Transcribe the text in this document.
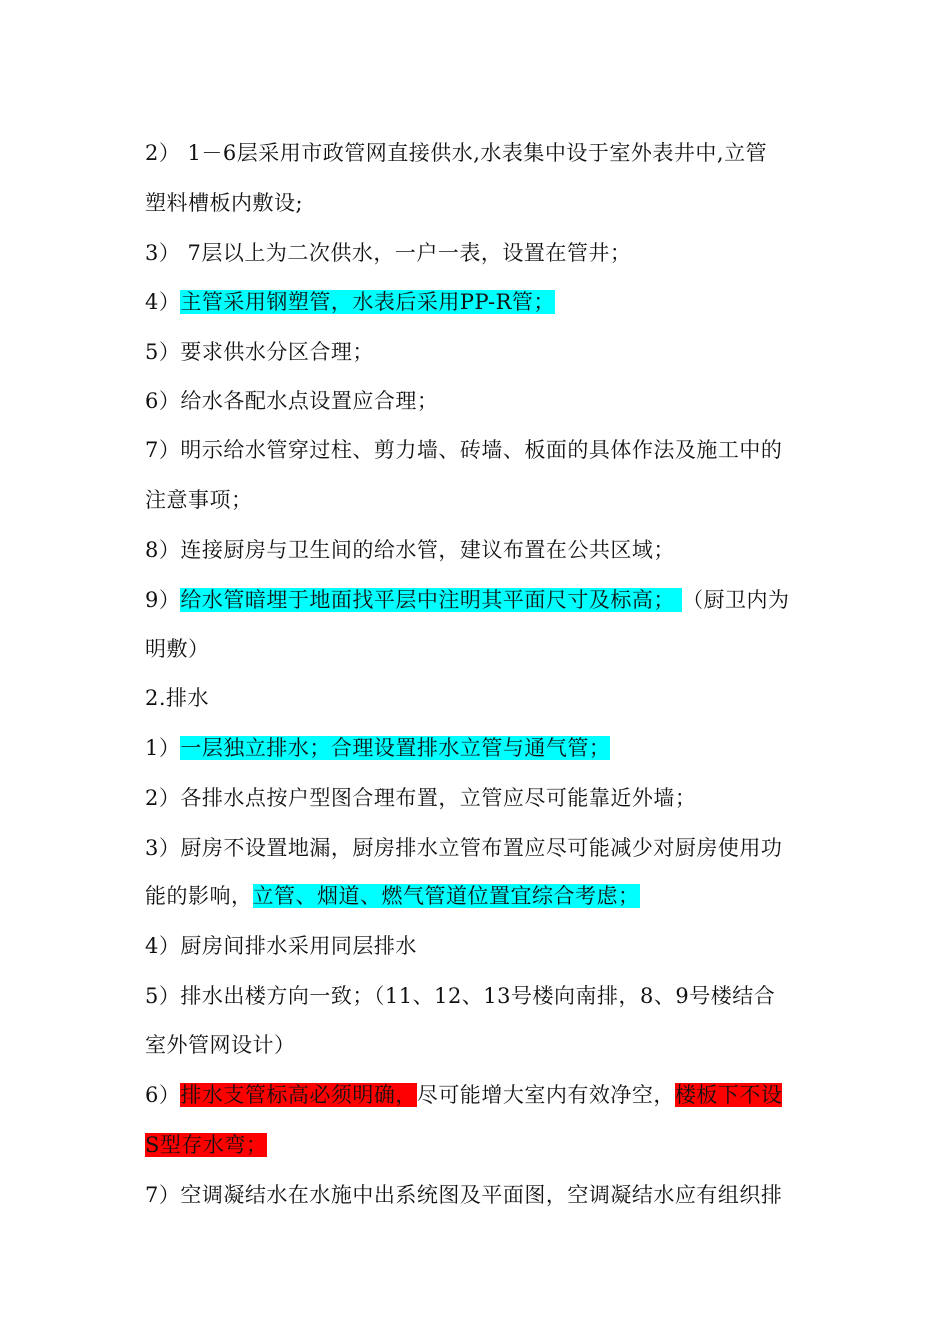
2） 1－6层采用市政管网直接供水,水表集中设于室外表井中,立管
塑料槽板内敷设;
3） 7层以上为二次供水，一户一表，设置在管井；
4）主管采用钢塑管，水表后采用PP-R管；
5）要求供水分区合理；
6）给水各配水点设置应合理；
7）明示给水管穿过柱、剪力墙、砖墙、板面的具体作法及施工中的
注意事项；
8）连接厨房与卫生间的给水管，建议布置在公共区域；
9）给水管暗埋于地面找平层中注明其平面尺寸及标高； （厨卫内为
明敷）
2.排水
1）一层独立排水；合理设置排水立管与通气管；
2）各排水点按户型图合理布置，立管应尽可能靠近外墙；
3）厨房不设置地漏，厨房排水立管布置应尽可能减少对厨房使用功
能的影响，立管、烟道、燃气管道位置宜综合考虑；
4）厨房间排水采用同层排水
5）排水出楼方向一致；（11、12、13号楼向南排，8、9号楼结合
室外管网设计）
6）排水支管标高必须明确，尽可能增大室内有效净空，楼板下不设
S型存水弯；
7）空调凝结水在水施中出系统图及平面图，空调凝结水应有组织排
